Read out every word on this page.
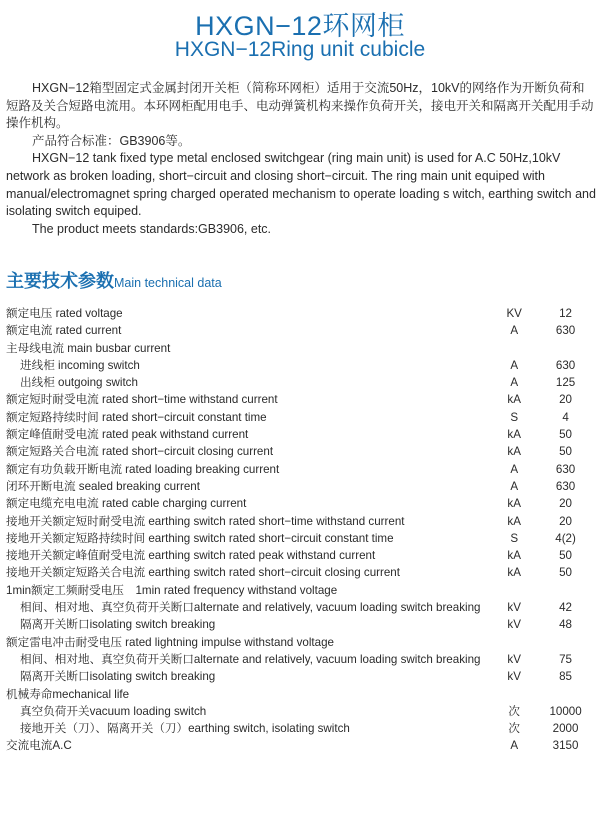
HXGN−12环网柜
HXGN−12Ring unit cubicle

HXGN−12箱型固定式金属封闭开关柜（简称环网柜）适用于交流50Hz，10kV的网络作为开断负荷和短路及关合短路电流用。本环网柜配用电手、电动弹簧机构来操作负荷开关，接电开关和隔离开关配用手动操作机构。

产品符合标准：GB3906等。

HXGN−12 tank fixed type metal enclosed switchgear (ring main unit) is used for A.C 50Hz,10kV network as broken loading, short−circuit and closing short−circuit. The ring main unit equiped with manual/electromagnet spring charged operated mechanism to operate loading s witch, earthing switch and isolating switch equiped.

The product meets standards:GB3906, etc.

主要技术参数Main technical data
额定电压 rated voltage	KV	12
额定电流 rated current	A	630
主母线电流 main busbar current		
进线柜 incoming switch	A	630
出线柜 outgoing switch	A	125
额定短时耐受电流 rated short−time withstand current	kA	20
额定短路持续时间 rated short−circuit constant time	S	4
额定峰值耐受电流 rated peak withstand current	kA	50
额定短路关合电流 rated short−circuit closing current	kA	50
额定有功负载开断电流 rated loading breaking current	A	630
闭环开断电流 sealed breaking current	A	630
额定电缆充电电流 rated cable charging current	kA	20
接地开关额定短时耐受电流 earthing switch rated short−time withstand current	kA	20
接地开关额定短路持续时间 earthing switch rated short−circuit constant time	S	4(2)
接地开关额定峰值耐受电流 earthing switch rated peak withstand current	kA	50
接地开关额定短路关合电流 earthing switch rated short−circuit closing current	kA	50
1min额定工频耐受电压　1min rated frequency withstand voltage		
相间、相对地、真空负荷开关断口alternate and relatively, vacuum loading switch breaking	kV	42
隔离开关断口isolating switch breaking	kV	48
额定雷电冲击耐受电压 rated lightning impulse withstand voltage		
相间、相对地、真空负荷开关断口alternate and relatively, vacuum loading switch breaking	kV	75
隔离开关断口isolating switch breaking	kV	85
机械寿命mechanical life		
真空负荷开关vacuum loading switch	次	10000
接地开关（刀）、隔离开关（刀）earthing switch, isolating switch	次	2000
交流电流A.C	A	3150
